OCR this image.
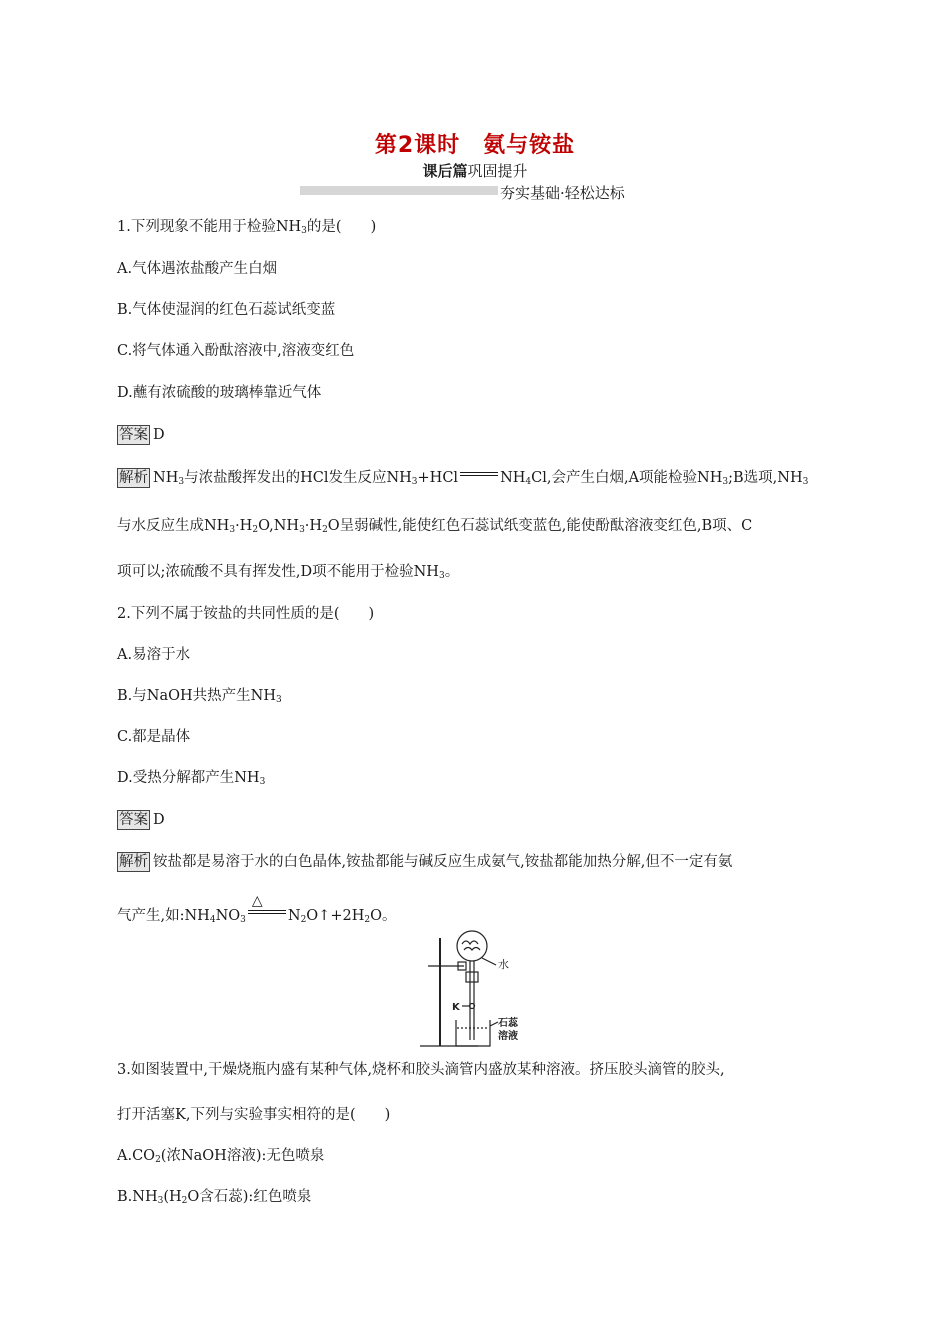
第2课时　氨与铵盐
课后篇巩固提升
夯实基础·轻松达标
1.下列现象不能用于检验$NH_3$的是(　　)
A.气体遇浓盐酸产生白烟
B.气体使湿润的红色石蕊试纸变蓝
C.将气体通入酚酞溶液中,溶液变红色
D.蘸有浓硫酸的玻璃棒靠近气体
答案 D
解析 $NH_3$与浓盐酸挥发出的HCl发生反应$NH_3+HCl$	$NH_4Cl$,会产生白烟,A项能检验$NH_3;B$选项$,NH_3$
与水反应生成$NH_3\cdot H_2O,NH_3\cdot H_2O$呈弱碱性,能使红色石蕊试纸变蓝色,能使酚酞溶液变红色,B项、C
项可以;浓硫酸不具有挥发性,D项不能用于检验$NH_3$。
2.下列不属于铵盐的共同性质的是(　　)
A.易溶于水
B.与NaOH共热产生$NH_3$
C.都是晶体
D.受热分解都产生$NH_3$
答案 D
解析 铵盐都是易溶于水的白色晶体,铵盐都能与碱反应生成氨气,铵盐都能加热分解,但不一定有氨
气产生,如$:NH_4NO_3$
△
$N_2O↑+2H_2O$。
水
K
石蕊
溶液
3.如图装置中,干燥烧瓶内盛有某种气体,烧杯和胶头滴管内盛放某种溶液。挤压胶头滴管的胶头,
打开活塞K,下列与实验事实相符的是(　　)
$A.CO_2$(浓NaOH溶液):无色喷泉
$B.NH_3(H_2O$含石蕊):红色喷泉
